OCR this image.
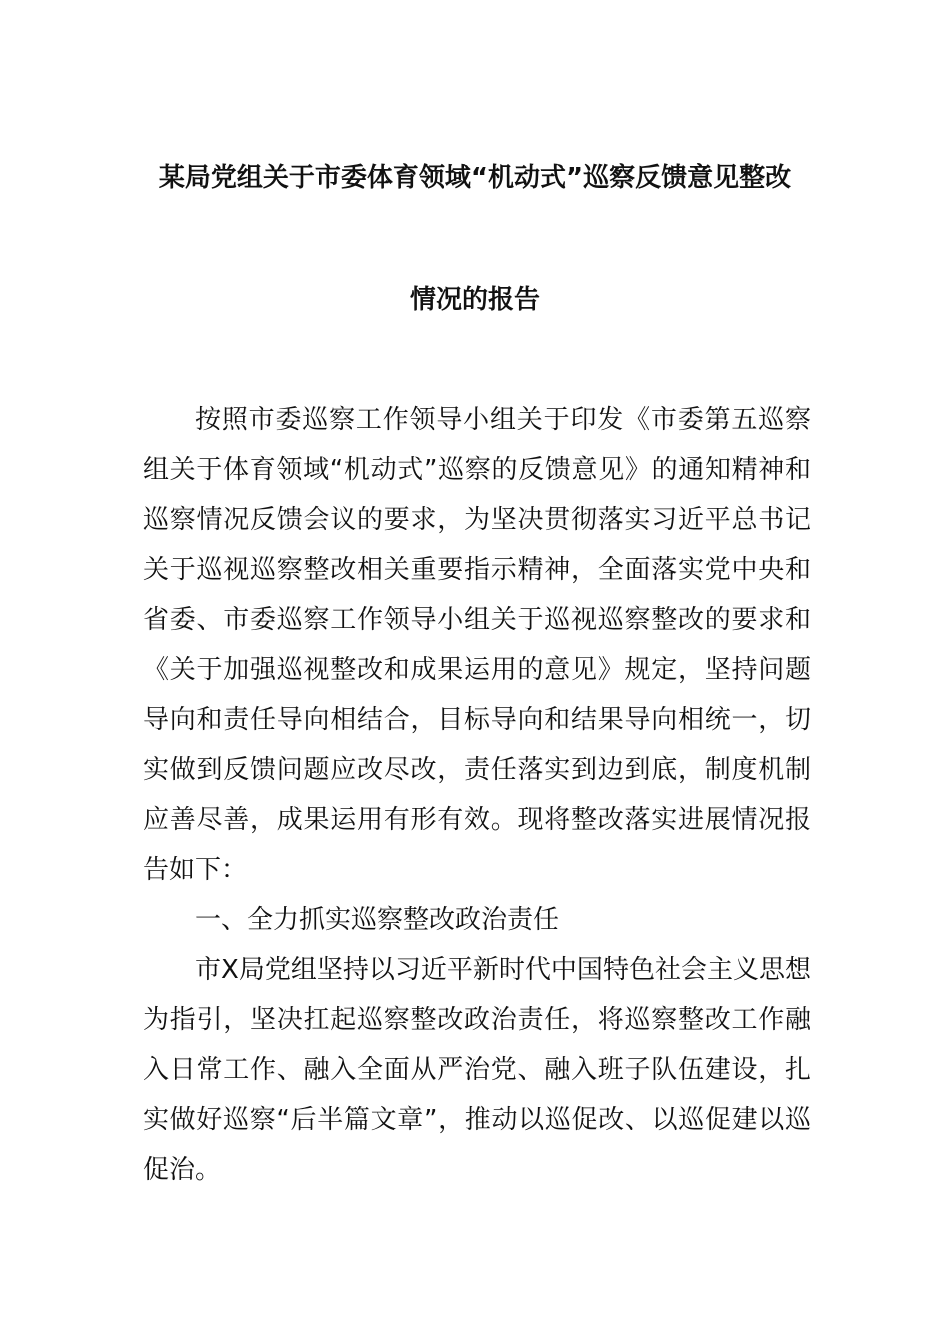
某局党组关于市委体育领域“机动式”巡察反馈意见整改
情况的报告

按照市委巡察工作领导小组关于印发《市委第五巡察组关于体育领域“机动式”巡察的反馈意见》的通知精神和巡察情况反馈会议的要求，为坚决贯彻落实习近平总书记关于巡视巡察整改相关重要指示精神，全面落实党中央和省委、市委巡察工作领导小组关于巡视巡察整改的要求和《关于加强巡视整改和成果运用的意见》规定，坚持问题导向和责任导向相结合，目标导向和结果导向相统一，切实做到反馈问题应改尽改，责任落实到边到底，制度机制应善尽善，成果运用有形有效。现将整改落实进展情况报告如下：

一、全力抓实巡察整改政治责任

市X局党组坚持以习近平新时代中国特色社会主义思想为指引，坚决扛起巡察整改政治责任，将巡察整改工作融入日常工作、融入全面从严治党、融入班子队伍建设，扎实做好巡察“后半篇文章”，推动以巡促改、以巡促建以巡促治。
